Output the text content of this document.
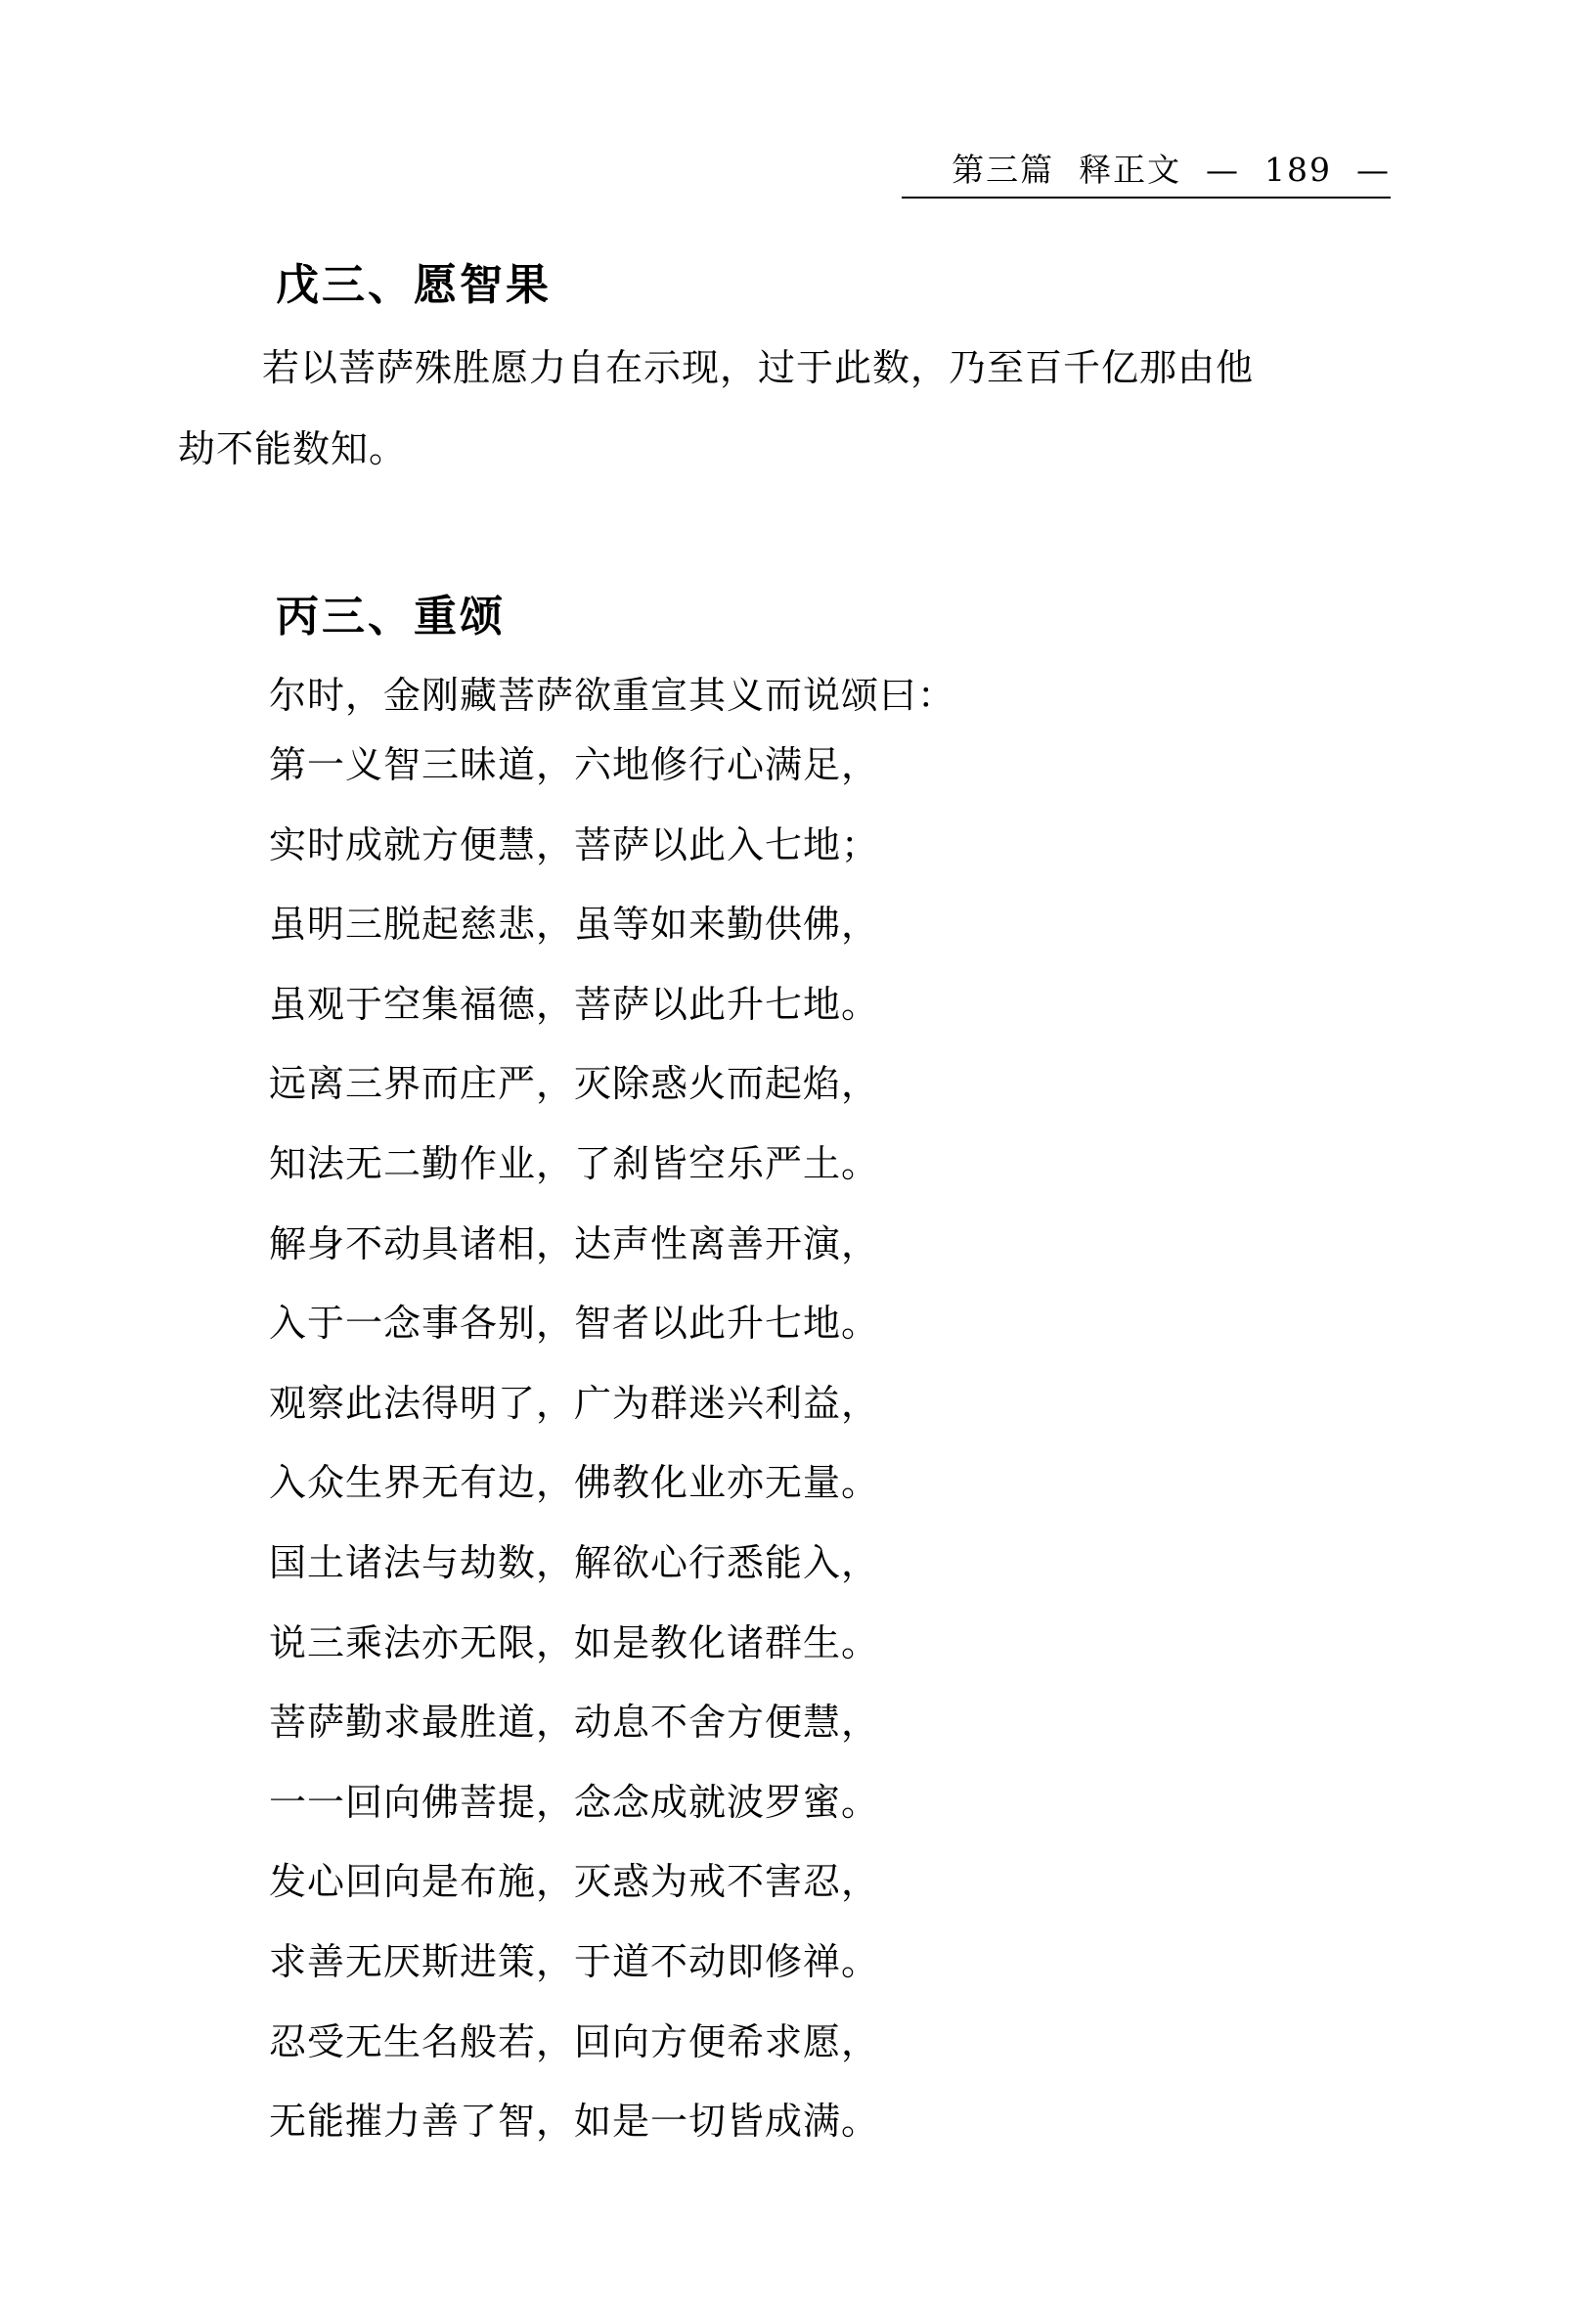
第三篇  释正文  —  189  —
戊三、愿智果
若以菩萨殊胜愿力自在示现，过于此数，乃至百千亿那由他
劫不能数知。
丙三、重颂
尔时，金刚藏菩萨欲重宣其义而说颂曰：
第一义智三昧道，六地修行心满足，
实时成就方便慧，菩萨以此入七地；
虽明三脱起慈悲，虽等如来勤供佛，
虽观于空集福德，菩萨以此升七地。
远离三界而庄严，灭除惑火而起焰，
知法无二勤作业，了刹皆空乐严土。
解身不动具诸相，达声性离善开演，
入于一念事各别，智者以此升七地。
观察此法得明了，广为群迷兴利益，
入众生界无有边，佛教化业亦无量。
国土诸法与劫数，解欲心行悉能入，
说三乘法亦无限，如是教化诸群生。
菩萨勤求最胜道，动息不舍方便慧，
一一回向佛菩提，念念成就波罗蜜。
发心回向是布施，灭惑为戒不害忍，
求善无厌斯进策，于道不动即修禅。
忍受无生名般若，回向方便希求愿，
无能摧力善了智，如是一切皆成满。
